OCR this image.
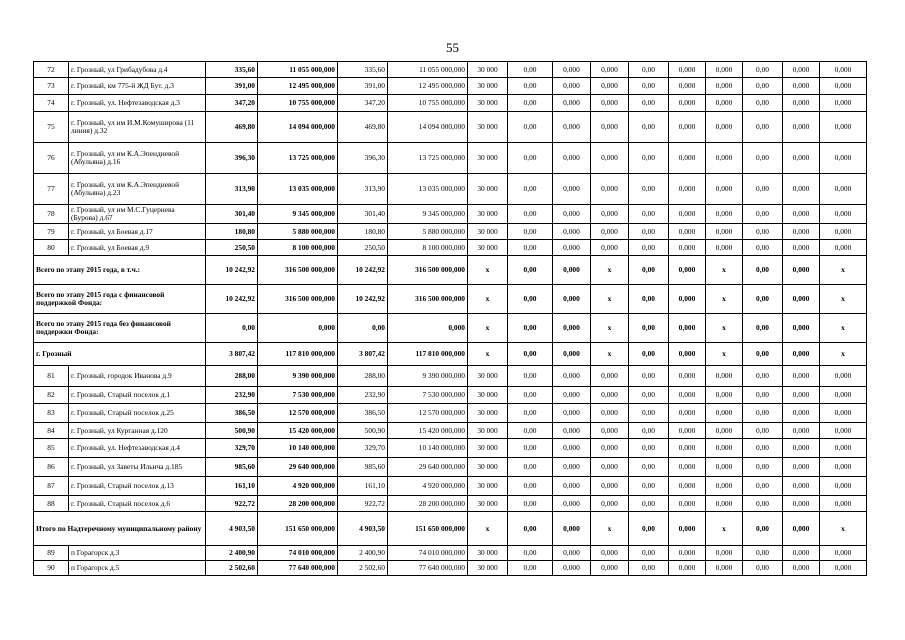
55
72	г. Грозный, ул Грибадубова д.4	335,60	11 055 000,000	335,60	11 055 000,000	30 000	0,00	0,000	0,000	0,00	0,000	0,000	0,00	0,000	0,000
73	г. Грозный, км 775-й ЖД Бут. д.3	391,00	12 495 000,000	391,00	12 495 000,000	30 000	0,00	0,000	0,000	0,00	0,000	0,000	0,00	0,000	0,000
74	г. Грозный, ул. Нефтезаводская д.3	347,20	10 755 000,000	347,20	10 755 000,000	30 000	0,00	0,000	0,000	0,00	0,000	0,000	0,00	0,000	0,000
75	г. Грозный, ул им И.М.Комуширова (11 линия) д.32	469,80	14 094 000,000	469,80	14 094 000,000	30 000	0,00	0,000	0,000	0,00	0,000	0,000	0,00	0,000	0,000
76	г. Грозный, ул им К.А.Эпендиевой (Абульяна) д.16	396,30	13 725 000,000	396,30	13 725 000,000	30 000	0,00	0,000	0,000	0,00	0,000	0,000	0,00	0,000	0,000
77	г. Грозный, ул им К.А.Эпендиевой (Абульяна) д.23	313,90	13 035 000,000	313,90	13 035 000,000	30 000	0,00	0,000	0,000	0,00	0,000	0,000	0,00	0,000	0,000
78	г. Грозный, ул им М.С.Гуцериева (Бурова) д.67	301,40	9 345 000,000	301,40	9 345 000,000	30 000	0,00	0,000	0,000	0,00	0,000	0,000	0,00	0,000	0,000
79	г. Грозный, ул Боевая д.17	180,80	5 880 000,000	180,80	5 880 000,000	30 000	0,00	0,000	0,000	0,00	0,000	0,000	0,00	0,000	0,000
80	г. Грозный, ул Боевая д.9	250,50	8 100 000,000	250,50	8 100 000,000	30 000	0,00	0,000	0,000	0,00	0,000	0,000	0,00	0,000	0,000
Всего по этапу 2015 года, в т.ч.:		10 242,92	316 500 000,000	10 242,92	316 500 000,000	х	0,00	0,000	х	0,00	0,000	х	0,00	0,000	х
Всего по этапу 2015 года с финансовой поддержкой Фонда:		10 242,92	316 500 000,000	10 242,92	316 500 000,000	х	0,00	0,000	х	0,00	0,000	х	0,00	0,000	х
Всего по этапу 2015 года без финансовой поддержки Фонда:		0,00	0,000	0,00	0,000	х	0,00	0,000	х	0,00	0,000	х	0,00	0,000	х
г. Грозный		3 807,42	117 810 000,000	3 807,42	117 810 000,000	х	0,00	0,000	х	0,00	0,000	х	0,00	0,000	х
81	г. Грозный, городок Иванова д.9	288,00	9 390 000,000	288,00	9 390 000,000	30 000	0,00	0,000	0,000	0,00	0,000	0,000	0,00	0,000	0,000
82	г. Грозный, Старый поселок д.1	232,90	7 530 000,000	232,90	7 530 000,000	30 000	0,00	0,000	0,000	0,00	0,000	0,000	0,00	0,000	0,000
83	г. Грозный, Старый поселок д.25	386,50	12 570 000,000	386,50	12 570 000,000	30 000	0,00	0,000	0,000	0,00	0,000	0,000	0,00	0,000	0,000
84	г. Грозный, ул Курганная д.120	500,90	15 420 000,000	500,90	15 420 000,000	30 000	0,00	0,000	0,000	0,00	0,000	0,000	0,00	0,000	0,000
85	г. Грозный, ул. Нефтезаводская д.4	329,70	10 140 000,000	329,70	10 140 000,000	30 000	0,00	0,000	0,000	0,00	0,000	0,000	0,00	0,000	0,000
86	г. Грозный, ул Заветы Ильича д.185	985,60	29 640 000,000	985,60	29 640 000,000	30 000	0,00	0,000	0,000	0,00	0,000	0,000	0,00	0,000	0,000
87	г. Грозный, Старый поселок д.13	161,10	4 920 000,000	161,10	4 920 000,000	30 000	0,00	0,000	0,000	0,00	0,000	0,000	0,00	0,000	0,000
88	г. Грозный, Старый поселок д.6	922,72	28 200 000,000	922,72	28 200 000,000	30 000	0,00	0,000	0,000	0,00	0,000	0,000	0,00	0,000	0,000
Итого по Надтеречному муниципальному району		4 903,50	151 650 000,000	4 903,50	151 650 000,000	х	0,00	0,000	х	0,00	0,000	х	0,00	0,000	х
89	п Горагорск д.3	2 400,90	74 010 000,000	2 400,90	74 010 000,000	30 000	0,00	0,000	0,000	0,00	0,000	0,000	0,00	0,000	0,000
90	п Горагорск д.5	2 502,60	77 640 000,000	2 502,60	77 640 000,000	30 000	0,00	0,000	0,000	0,00	0,000	0,000	0,00	0,000	0,000
